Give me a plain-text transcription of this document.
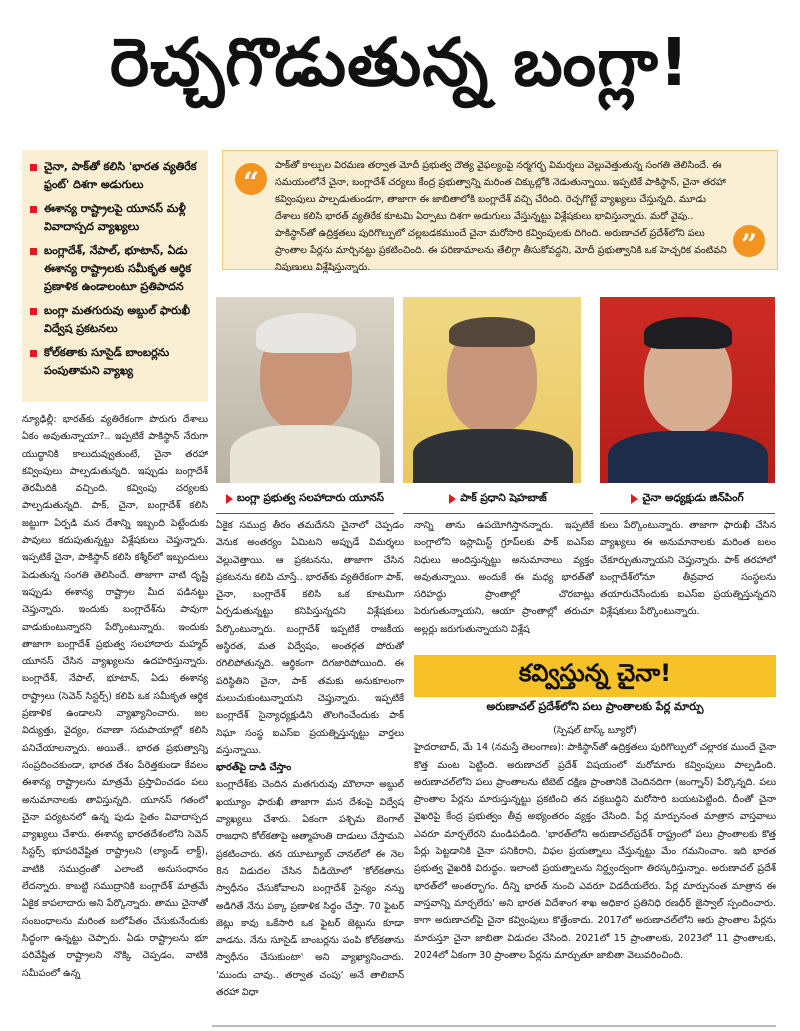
రెచ్చగొడుతున్న బంగ్లా!
చైనా, పాక్‌తో కలిసి 'భారత వ్యతిరేక ఫ్రంట్‌' దిశగా అడుగులు
ఈశాన్య రాష్ట్రాలపై యూనస్‌ మళ్లీ వివాదాస్పద వ్యాఖ్యలు
బంగ్లాదేశ్‌, నేపాల్‌, భూటాన్‌, ఏడు ఈశాన్య రాష్ట్రాలకు సమీకృత ఆర్థిక ప్రణాళిక ఉండాలంటూ ప్రతిపాదన
బంగ్లా మతగురువు అబ్దుల్‌ ఫారుఖీ విద్వేష ప్రకటనలు
కోల్‌కతాకు సూసైడ్‌ బాంబర్లను పంపుతామని వ్యాఖ్య
“
పాక్‌తో కాల్పుల విరమణ తర్వాత మోదీ ప్రభుత్వ దౌత్య వైఫల్యంపై నర్మగర్భ విమర్శలు వెల్లువెత్తుతున్న సంగతి తెలిసిందే. ఈ సమయంలోనే చైనా, బంగ్లాదేశ్‌ చర్యలు కేంద్ర ప్రభుత్వాన్ని మరింత చిక్కుల్లోకి నెడుతున్నాయి. ఇప్పటికే పాకిస్థాన్‌, చైనా తరహా కవ్వింపులు పాల్పడుతుండగా, తాజాగా ఈ జాబితాలోకి బంగ్లాదేశ్‌ వచ్చి చేరింది. రెచ్చగొట్టే వ్యాఖ్యలు చేస్తున్నది. మూడు దేశాలు కలిసి భారత్‌ వ్యతిరేక కూటమి ఏర్పాటు దిశగా అడుగులు వేస్తున్నట్టు విశ్లేషకులు భావిస్తున్నారు. మరో వైపు.. పాకిస్థాన్‌తో ఉద్రిక్తతలు పురిగొల్పులో చల్లబడకముందే చైనా మరోసారి కవ్వింపులకు దిగింది. అరుణాచల్‌ ప్రదేశ్‌లోని పలు ప్రాంతాల పేర్లను మార్చినట్టు ప్రకటించింది. ఈ పరిణామాలను తేలిగ్గా తీసుకోవద్దని, మోదీ ప్రభుత్వానికి ఒక హెచ్చరిక వంటివని నిపుణులు విశ్లేషిస్తున్నారు.
”
బంగ్లా ప్రభుత్వ సలహాదారు యూనస్‌	పాక్‌ ప్రధాని షెహబాజ్‌	చైనా అధ్యక్షుడు జిన్‌పింగ్‌
న్యూఢిల్లీ: భారత్‌కు వ్యతిరేకంగా పొరుగు దేశాలు ఏకం అవుతున్నాయా?.. ఇప్పటికే పాకిస్థాన్‌ నేరుగా యుద్ధానికి కాలుదువ్వుతుంటే, చైనా తరహా కవ్వింపులు పాల్పడుతున్నది. ఇప్పుడు బంగ్లాదేశ్‌ తెరమీదికి వచ్చింది. కవ్వింపు చర్యలకు పాల్పడుతున్నది. పాక్‌, చైనా, బంగ్లాదేశ్‌ కలిసి జట్టుగా ఏర్పడి మన దేశాన్ని ఇబ్బంది పెట్టేందుకు పావులు కదుపుతున్నట్టు విశ్లేషకులు చెప్తున్నారు. ఇప్పటికే చైనా, పాకిస్థాన్‌ కలిసి కశ్మీర్‌లో ఇబ్బందులు పెడుతున్న సంగతి తెలిసిందే. తాజాగా వాటి దృష్టి ఇప్పుడు ఈశాన్య రాష్ట్రాల మీద పడినట్టు చెప్తున్నారు. ఇందుకు బంగ్లాదేశ్‌ను పావుగా వాడుకుంటున్నారని పేర్కొంటున్నారు. ఇందుకు తాజాగా బంగ్లాదేశ్‌ ప్రభుత్వ సలహాదారు మహ్మద్‌ యూనస్‌ చేసిన వ్యాఖ్యలను ఉదహరిస్తున్నారు. బంగ్లాదేశ్‌, నేపాల్‌, భూటాన్‌, ఏడు ఈశాన్య రాష్ట్రాలు (సెవెన్‌ సిస్టర్స్‌) కలిపి ఒక సమీకృత ఆర్థిక ప్రణాళిక ఉండాలని వ్యాఖ్యానించారు. జల విద్యుత్తు, వైద్యం, రవాణా సదుపాయాల్లో కలిసి పనిచేయాలన్నారు. అయితే.. భారత ప్రభుత్వాన్ని సంప్రదించకుండా, భారత దేశం పేరెత్తకుండా కేవలం ఈశాన్య రాష్ట్రాలను మాత్రమే ప్రస్తావించడం పలు అనుమానాలకు తావిస్తున్నది. యూనస్‌ గతంలో చైనా పర్యటనలో ఉన్న పుడు సైతం వివాదాస్పద వ్యాఖ్యలు చేశారు. ఈశాన్య భారతదేశంలోని సెవెన్‌ సిస్టర్స్‌ భూపరివేష్టిత రాష్ట్రాలని (ల్యాండ్‌ లాక్డ్‌), వాటికి సముద్రంతో ఎలాంటి అనుసంధానం లేదన్నారు. కాబట్టి సముద్రానికి బంగ్లాదేశ్‌ మాత్రమే ఏకైక కాపలాదారు అని పేర్కొన్నారు. తాము చైనాతో సంబంధాలను మరింత బలోపేతం చేసుకునేందుకు సిద్ధంగా ఉన్నట్టు చెప్పారు. ఏడు రాష్ట్రాలను భూ పరివేష్టిత రాష్ట్రాలని నొక్కి చెప్పడం, వాటికి సమీపంలో ఉన్న
ఏకైక సముద్ర తీరం తమదేనని చైనాలో చెప్పడం వెనుక అంతర్యం ఏమిటని అప్పుడే విమర్శలు వెల్లువెత్తాయి. ఆ ప్రకటనను, తాజాగా చేసిన ప్రకటనను కలిపి చూస్తే.. భారత్‌కు వ్యతిరేకంగా పాక్‌, చైనా, బంగ్లాదేశ్‌ కలిసి ఒక కూటమిగా ఏర్పడుతున్నట్టు కనిపిస్తున్నదని విశ్లేషకులు పేర్కొంటున్నారు. బంగ్లాదేశ్‌ ఇప్పటికే రాజకీయ అస్థిరత, మత విద్వేషం, అంతర్గత పోరుతో రగిలిపోతున్నది. ఆర్థికంగా దిగజారిపోయింది. ఈ పరిస్థితిని చైనా, పాక్‌ తమకు అనుకూలంగా మలుచుకుంటున్నాయని చెప్తున్నారు. ఇప్పటికే బంగ్లాదేశ్‌ సైన్యాధ్యక్షుడిని తొలగించేందుకు పాక్‌ నిఘా సంస్థ ఐఎస్‌ఐ ప్రయత్నిస్తున్నట్టు వార్తలు వస్తున్నాయి.
భారత్‌పై దాడి చేస్తాం
బంగ్లాదేశ్‌కు చెందిన మతగురువు మౌలానా అబ్దుల్‌ ఖయ్యూం ఫారుఖీ తాజాగా మన దేశంపై విద్వేష వ్యాఖ్యలు చేశారు. ఏకంగా పశ్చిమ బెంగాల్‌ రాజధాని కోల్‌కతాపై ఆత్మాహుతి దాడులు చేస్తామని ప్రకటించారు. తన యూట్యూబ్‌ చానల్‌లో ఈ నెల 8న విడుదల చేసిన వీడియోలో 'కోల్‌కతాను స్వాధీనం చేసుకోవాలని బంగ్లాదేశ్‌ సైన్యం నన్ను అడిగితే నేను పక్కా ప్రణాళిక సిద్ధం చేస్తా. 70 ఫైటర్‌ జెట్లు కావు ఒకేసారి ఒక ఫైటర్‌ జెట్లును కూడా వాడను. నేను సూసైడ్‌ బాంబర్లను పంపి కోల్‌కతాను స్వాధీనం చేసుకుంటా' అని వ్యాఖ్యానించారు. 'ముందు చావు.. తర్వాత చంపు' అనే తాలిబాన్‌ తరహా విధా
నాన్ని తాను ఉపయోగిస్తానన్నారు. ఇప్పటికే బంగ్లాలోని ఇస్లామిస్ట్‌ గ్రూప్‌లకు పాక్‌ ఐఎస్‌ఐ నిధులు అందిస్తున్నట్టు అనుమానాలు వ్యక్తం అవుతున్నాయి. అందుకే ఈ మధ్య భారత్‌తో సరిహద్దు ప్రాంతాల్లో చొరబాట్లు పెరుగుతున్నాయని, ఆయా ప్రాంతాల్లో తరుచూ అల్లర్లు జరుగుతున్నాయని విశ్లేష
కులు పేర్కొంటున్నారు. తాజాగా ఫారుఖీ చేసిన వ్యాఖ్యలు ఈ అనుమానాలకు మరింత బలం చేకూర్చుతున్నాయని చెప్తున్నారు. పాక్‌ తరహాలో బంగ్లాదేశ్‌లోనూ తీవ్రవాద సంస్థలను తయారుచేసేందుకు ఐఎస్‌ఐ ప్రయత్నిస్తున్నదని విశ్లేషకులు పేర్కొంటున్నారు.
కవ్విస్తున్న చైనా!
అరుణాచల్‌ ప్రదేశ్‌లోని పలు ప్రాంతాలకు పేర్ల మార్పు
(స్పెషల్‌ టాస్క్‌ బ్యూరో)
హైదరాబాద్‌, మే 14 (నమస్తే తెలంగాణ): పాకిస్థాన్‌తో ఉద్రిక్తతలు పురిగొల్పులో చల్లారక ముందే చైనా కొత్త మంట పెట్టింది. అరుణాచల్‌ ప్రదేశ్‌ విషయంలో మరోమారు కవ్వింపులు పాల్పడింది. అరుణాచల్‌లోని పలు ప్రాంతాలను టిబెట్‌ దక్షిణ ప్రాంతానికి చెందినదిగా (జంగ్నాన్‌) పేర్కొన్నది. పలు ప్రాంతాల పేర్లను మారుస్తున్నట్టు ప్రకటించి తన వక్రబుద్ధిని మరోసారి బయటపెట్టింది. దీంతో చైనా వైఖరిపై కేంద్ర ప్రభుత్వం తీవ్ర అభ్యంతరం వ్యక్తం చేసింది. పేర్ల మార్పునంత మాత్రాన వాస్తవాలు ఎవరూ మార్చలేరని మండిపడింది. 'భారత్‌లోని అరుణాచల్‌ప్రదేశ్‌ రాష్ట్రంలో పలు ప్రాంతాలకు కొత్త పేర్లు పెట్టడానికి చైనా పనికిరాని, విఫల ప్రయత్నాలు చేస్తున్నట్టు మేం గమనించాం. ఇది భారత ప్రభుత్వ వైఖరికి విరుద్ధం. ఇలాంటి ప్రయత్నాలను నిర్ద్వంద్వంగా తిరస్కరిస్తున్నాం. అరుణాచల్‌ ప్రదేశ్‌ భారత్‌లో అంతర్భాగం. దీన్ని భారత్‌ నుంచి ఎవరూ విడదీయలేరు. పేర్ల మార్పునంత మాత్రాన ఈ వాస్తవాన్ని మార్చలేరు' అని భారత విదేశాంగ శాఖ అధికార ప్రతినిధి రణధీర్‌ జైస్వాల్‌ స్పందించారు. కాగా అరుణాచల్‌పై చైనా కవ్వింపులు కొత్తేంకాదు. 2017లో అరుణాచల్‌లోని ఆరు ప్రాంతాల పేర్లను మారుస్తూ చైనా జాబితా విడుదల చేసింది. 2021లో 15 ప్రాంతాలకు, 2023లో 11 ప్రాంతాలకు, 2024లో ఏకంగా 30 ప్రాంతాల పేర్లను మార్చుతూ జాబితా వెలువరించింది.
